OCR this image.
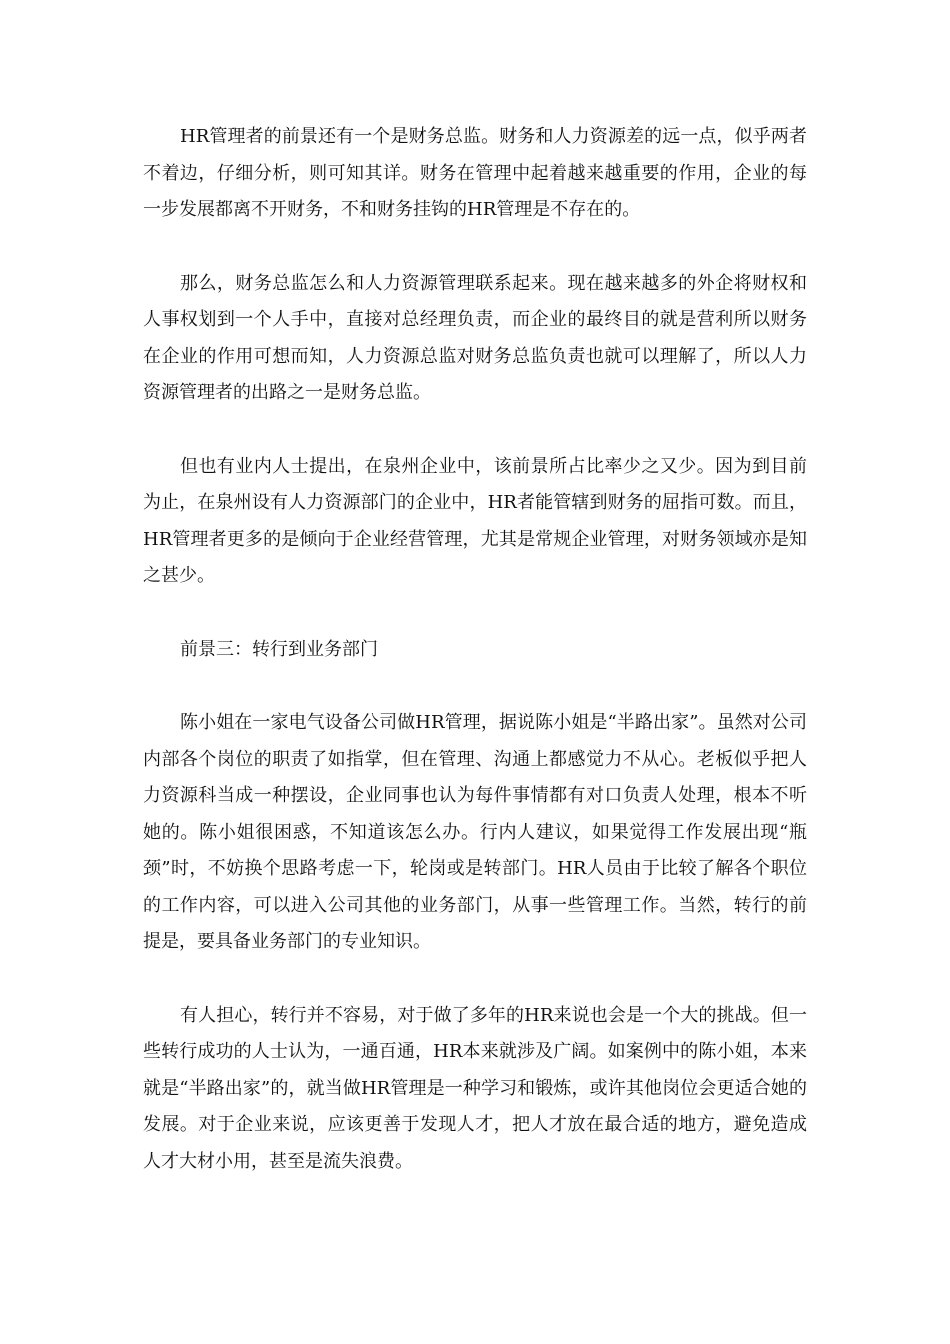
HR管理者的前景还有一个是财务总监。财务和人力资源差的远一点，似乎两者不着边，仔细分析，则可知其详。财务在管理中起着越来越重要的作用，企业的每一步发展都离不开财务，不和财务挂钩的HR管理是不存在的。

那么，财务总监怎么和人力资源管理联系起来。现在越来越多的外企将财权和人事权划到一个人手中，直接对总经理负责，而企业的最终目的就是营利所以财务在企业的作用可想而知，人力资源总监对财务总监负责也就可以理解了，所以人力资源管理者的出路之一是财务总监。

但也有业内人士提出，在泉州企业中，该前景所占比率少之又少。因为到目前为止，在泉州设有人力资源部门的企业中，HR者能管辖到财务的屈指可数。而且，HR管理者更多的是倾向于企业经营管理，尤其是常规企业管理，对财务领域亦是知之甚少。

前景三：转行到业务部门

陈小姐在一家电气设备公司做HR管理，据说陈小姐是“半路出家”。虽然对公司内部各个岗位的职责了如指掌，但在管理、沟通上都感觉力不从心。老板似乎把人力资源科当成一种摆设，企业同事也认为每件事情都有对口负责人处理，根本不听她的。陈小姐很困惑，不知道该怎么办。行内人建议，如果觉得工作发展出现“瓶颈”时，不妨换个思路考虑一下，轮岗或是转部门。HR人员由于比较了解各个职位的工作内容，可以进入公司其他的业务部门，从事一些管理工作。当然，转行的前提是，要具备业务部门的专业知识。

有人担心，转行并不容易，对于做了多年的HR来说也会是一个大的挑战。但一些转行成功的人士认为，一通百通，HR本来就涉及广阔。如案例中的陈小姐，本来就是“半路出家”的，就当做HR管理是一种学习和锻炼，或许其他岗位会更适合她的发展。对于企业来说，应该更善于发现人才，把人才放在最合适的地方，避免造成人才大材小用，甚至是流失浪费。
